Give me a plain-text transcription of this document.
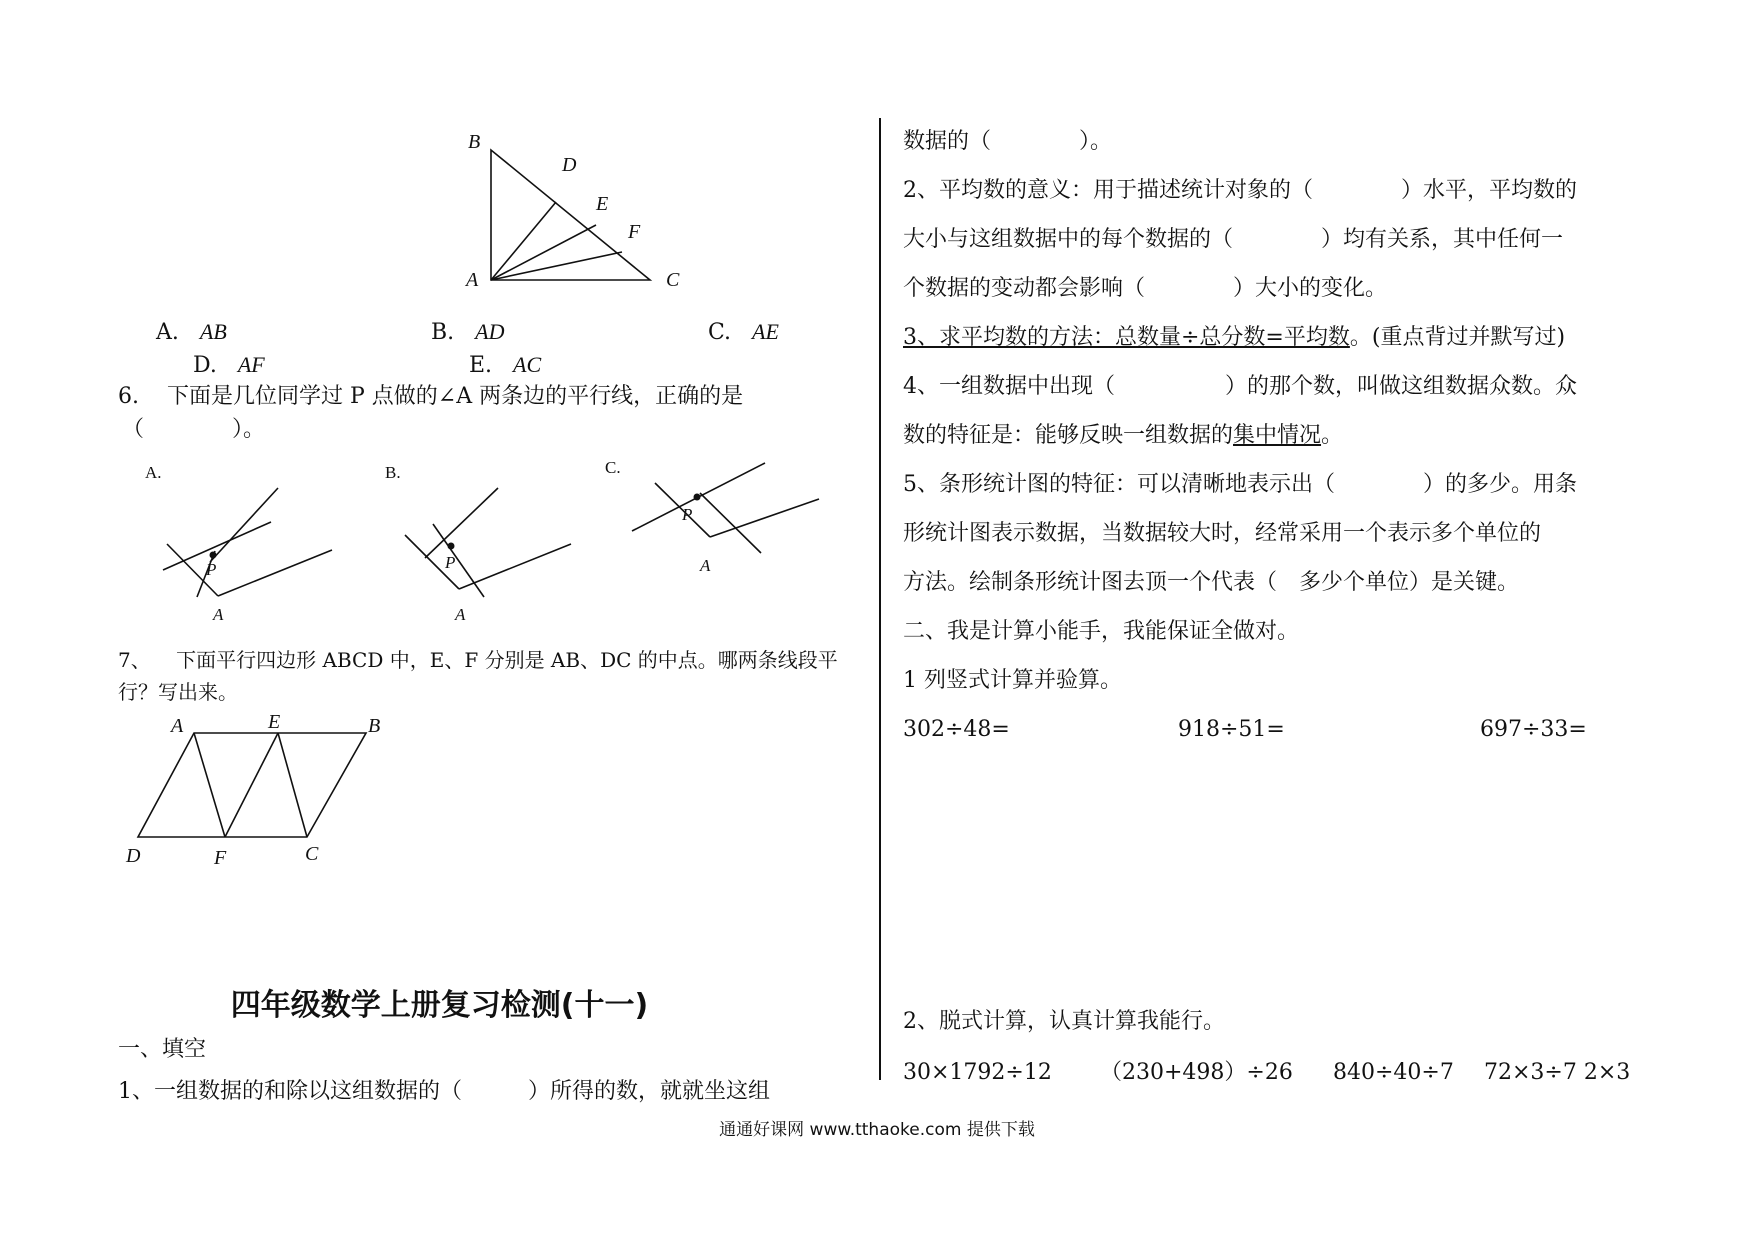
B
D
E
F
A	C
A. AB	B. AD	C. AE
D. AF	E. AC
6. 下面是几位同学过 P 点做的∠A 两条边的平行线，正确的是
（　　　　）。
A.
P
A
B.
P
A
C.
P
A
7、 下面平行四边形 ABCD 中，E、F 分别是 AB、DC 的中点。哪两条线段平
行？写出来。
A	E	B
D	F	C
四年级数学上册复习检测(十一)
一、填空
1、一组数据的和除以这组数据的（　　　）所得的数，就就坐这组
数据的（　　　　）。
2、平均数的意义：用于描述统计对象的（　　　　）水平，平均数的
大小与这组数据中的每个数据的（　　　　）均有关系，其中任何一
个数据的变动都会影响（　　　　）大小的变化。
3、求平均数的方法：总数量÷总分数=平均数。(重点背过并默写过)
4、一组数据中出现（　　　　　）的那个数，叫做这组数据众数。众
数的特征是：能够反映一组数据的集中情况。
5、条形统计图的特征：可以清晰地表示出（　　　　）的多少。用条
形统计图表示数据，当数据较大时，经常采用一个表示多个单位的
方法。绘制条形统计图去顶一个代表（　多少个单位）是关键。
二、我是计算小能手，我能保证全做对。
1 列竖式计算并验算。
302÷48=	918÷51=	697÷33=
2、脱式计算，认真计算我能行。
30×1792÷12 （230+498）÷26 840÷40÷7 72×3÷7 2×3
通通好课网 www.tthaoke.com 提供下载
